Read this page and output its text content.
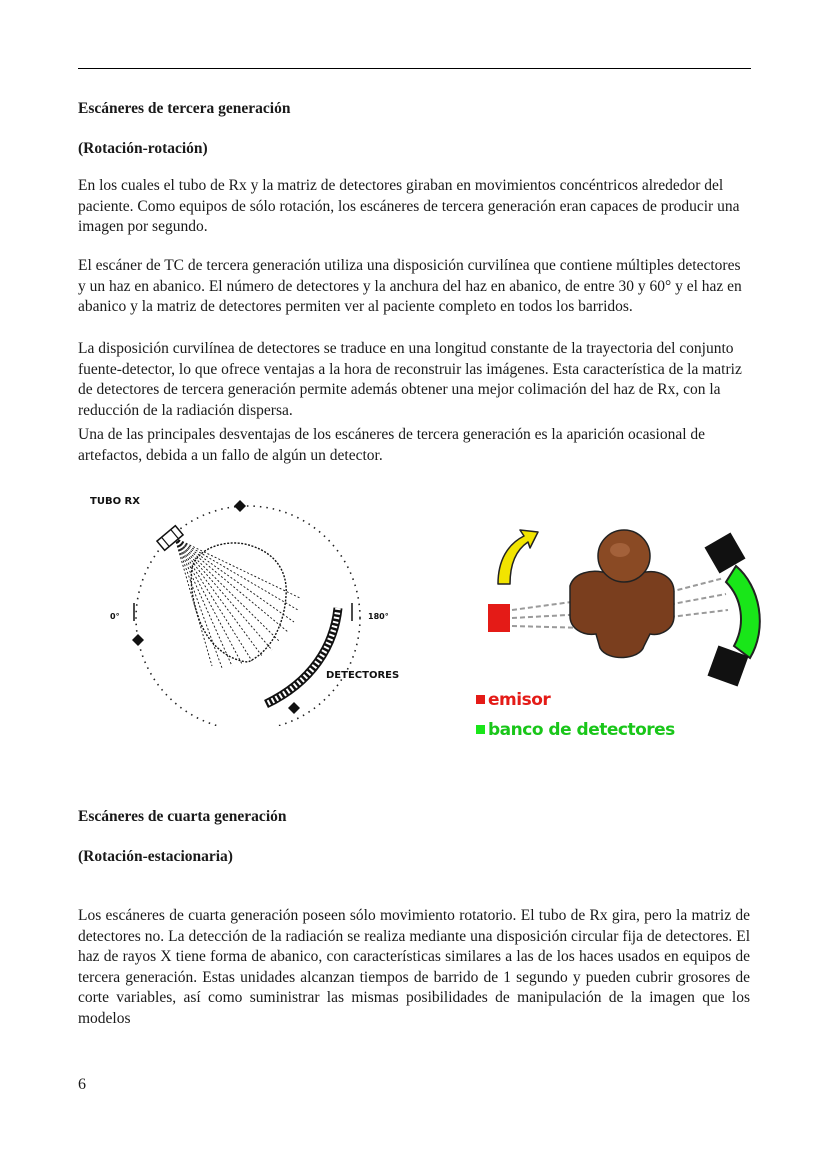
Escáneres de tercera generación
(Rotación-rotación)

En los cuales el tubo de Rx y la matriz de detectores giraban en movimientos concéntricos alrededor del paciente. Como equipos de sólo rotación, los escáneres de tercera generación eran capaces de producir una imagen por segundo.

El escáner de TC de tercera generación utiliza una disposición curvilínea que contiene múltiples detectores y un haz en abanico. El número de detectores y la anchura del haz en abanico, de entre 30 y 60° y el haz en abanico y la matriz de detectores permiten ver al paciente completo en todos los barridos.

La disposición curvilínea de detectores se traduce en una longitud constante de la trayectoria del conjunto fuente-detector, lo que ofrece ventajas a la hora de reconstruir las imágenes. Esta característica de la matriz de detectores de tercera generación permite además obtener una mejor colimación del haz de Rx, con la reducción de la radiación dispersa.

Una de las principales desventajas de los escáneres de tercera generación es la aparición ocasional de artefactos, debida a un fallo de algún un detector.

TUBO RX
0°	180°
DETECTORES
emisor
banco de detectores
Escáneres de cuarta generación
(Rotación-estacionaria)

Los escáneres de cuarta generación poseen sólo movimiento rotatorio. El tubo de Rx gira, pero la matriz de detectores no. La detección de la radiación se realiza mediante una disposición circular fija de detectores. El haz de rayos X tiene forma de abanico, con características similares a las de los haces usados en equipos de tercera generación. Estas unidades alcanzan tiempos de barrido de 1 segundo y pueden cubrir grosores de corte variables, así como suministrar las mismas posibilidades de manipulación de la imagen que los modelos

6
